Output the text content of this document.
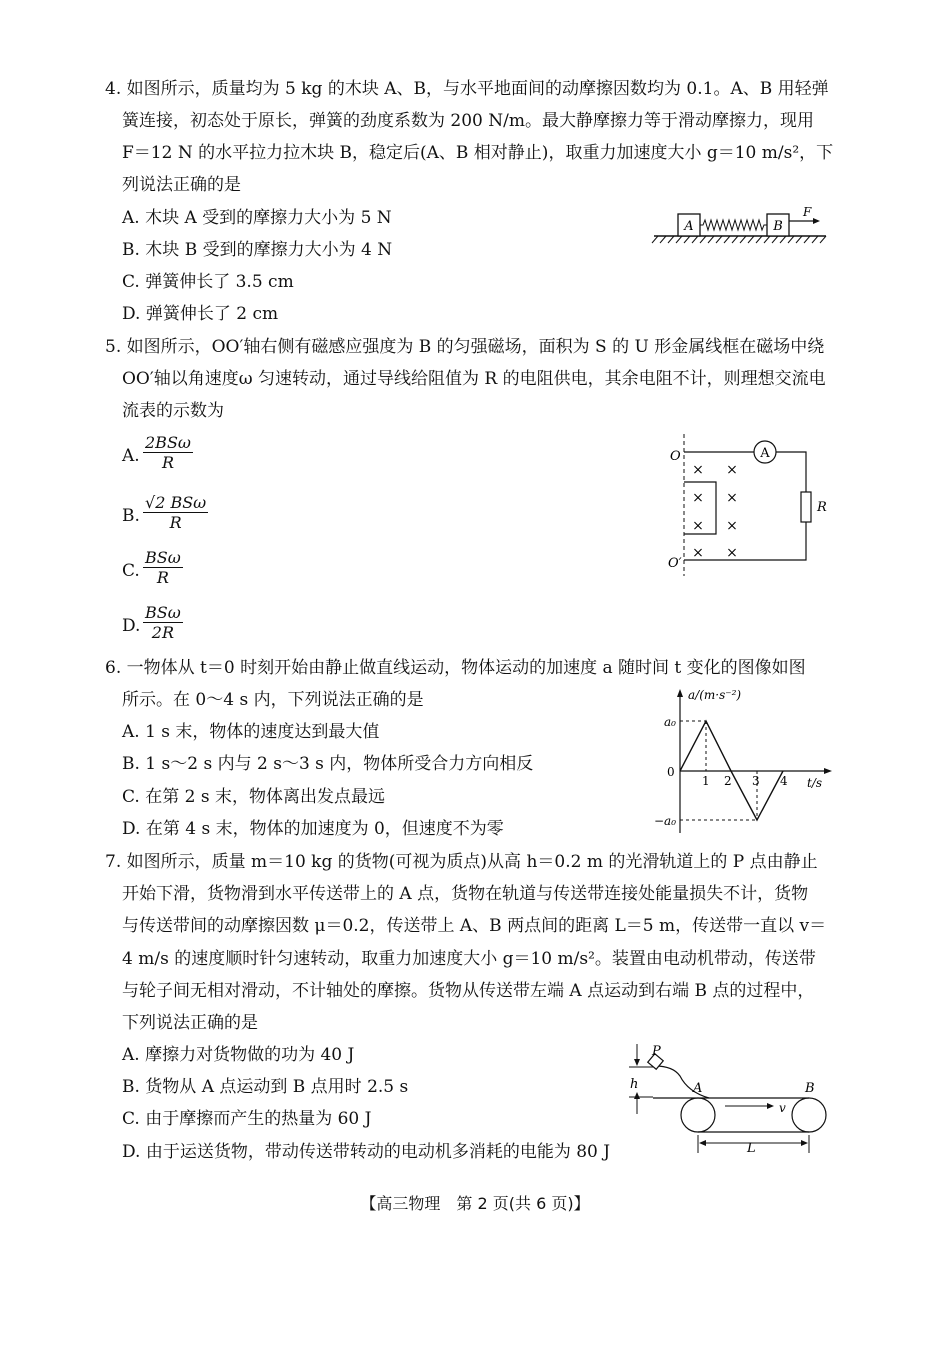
4. 如图所示，质量均为 5 kg 的木块 A、B，与水平地面间的动摩擦因数均为 0.1。A、B 用轻弹
簧连接，初态处于原长，弹簧的劲度系数为 200 N/m。最大静摩擦力等于滑动摩擦力，现用
F＝12 N 的水平拉力拉木块 B，稳定后(A、B 相对静止)，取重力加速度大小 g＝10 m/s²，下
列说法正确的是
A. 木块 A 受到的摩擦力大小为 5 N
B. 木块 B 受到的摩擦力大小为 4 N
C. 弹簧伸长了 3.5 cm
D. 弹簧伸长了 2 cm
A	B
F
5. 如图所示，OO′轴右侧有磁感应强度为 B 的匀强磁场，面积为 S 的 U 形金属线框在磁场中绕
OO′轴以角速度ω 匀速转动，通过导线给阻值为 R 的电阻供电，其余电阻不计，则理想交流电
流表的示数为
A.
2BSω
R
B.
√2 BSω
R
C.
BSω
R
D.
BSω
2R
O
O′
A
R
× ×
× ×
× ×
× ×
6. 一物体从 t＝0 时刻开始由静止做直线运动，物体运动的加速度 a 随时间 t 变化的图像如图
所示。在 0～4 s 内，下列说法正确的是
A. 1 s 末，物体的速度达到最大值
B. 1 s～2 s 内与 2 s～3 s 内，物体所受合力方向相反
C. 在第 2 s 末，物体离出发点最远
D. 在第 4 s 末，物体的加速度为 0，但速度不为零
a/(m·s⁻²)
t/s
a₀
0
−a₀
1 2 3 4
7. 如图所示，质量 m＝10 kg 的货物(可视为质点)从高 h＝0.2 m 的光滑轨道上的 P 点由静止
开始下滑，货物滑到水平传送带上的 A 点，货物在轨道与传送带连接处能量损失不计，货物
与传送带间的动摩擦因数 μ＝0.2，传送带上 A、B 两点间的距离 L＝5 m，传送带一直以 v＝
4 m/s 的速度顺时针匀速转动，取重力加速度大小 g＝10 m/s²。装置由电动机带动，传送带
与轮子间无相对滑动，不计轴处的摩擦。货物从传送带左端 A 点运动到右端 B 点的过程中，
下列说法正确的是
A. 摩擦力对货物做的功为 40 J
B. 货物从 A 点运动到 B 点用时 2.5 s
C. 由于摩擦而产生的热量为 60 J
D. 由于运送货物，带动传送带转动的电动机多消耗的电能为 80 J
h
P
A	B
v
L
【高三物理　第 2 页(共 6 页)】
